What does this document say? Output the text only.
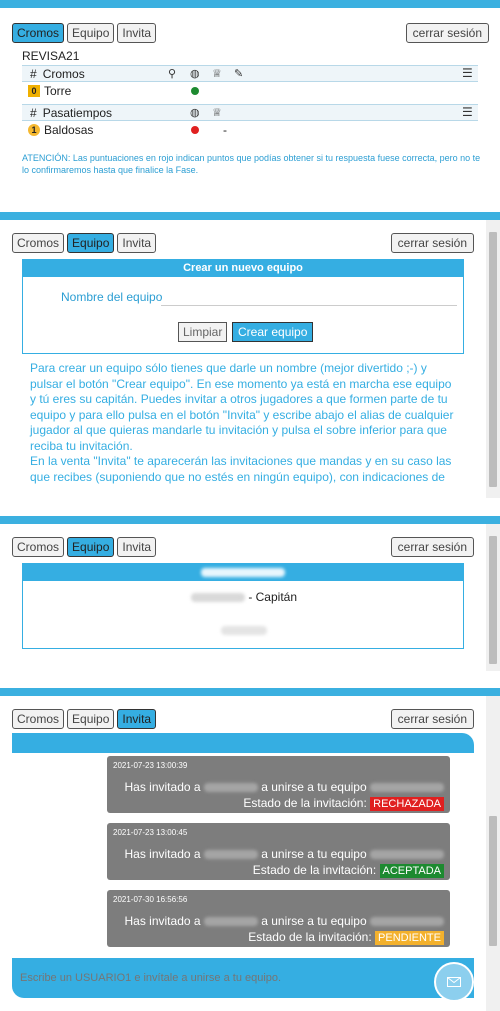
Cromos	Equipo	Invita	cerrar sesión
REVISA21
# Cromos	⚲ ◍ ♕ ✎	☰
0 Torre
# Pasatiempos	◍ ♕	☰
1 Baldosas	-
ATENCIÓN: Las puntuaciones en rojo indican puntos que podías obtener si tu respuesta fuese correcta, pero no te lo confirmaremos hasta que finalice la Fase.
Cromos	Equipo	Invita	cerrar sesión
Crear un nuevo equipo
Nombre del equipo
Limpiar	Crear equipo

Para crear un equipo sólo tienes que darle un nombre (mejor divertido ;-) y pulsar el botón "Crear equipo". En ese momento ya está en marcha ese equipo y tú eres su capitán. Puedes invitar a otros jugadores a que formen parte de tu equipo y para ello pulsa en el botón "Invita" y escribe abajo el alias de cualquier jugador al que quieras mandarle tu invitación y pulsa el sobre inferior para que reciba tu invitación.

En la venta "Invita" te aparecerán las invitaciones que mandas y en su caso las que recibes (suponiendo que no estés en ningún equipo), con indicaciones de

Cromos	Equipo	Invita	cerrar sesión
- Capitán
Cromos	Equipo	Invita	cerrar sesión
2021-07-23 13:00:39
Has invitado a	a unirse a tu equipo
Estado de la invitación: RECHAZADA
2021-07-23 13:00:45
Has invitado a	a unirse a tu equipo
Estado de la invitación: ACEPTADA
2021-07-30 16:56:56
Has invitado a	a unirse a tu equipo
Estado de la invitación: PENDIENTE
Escribe un USUARIO1 e invítale a unirse a tu equipo.
